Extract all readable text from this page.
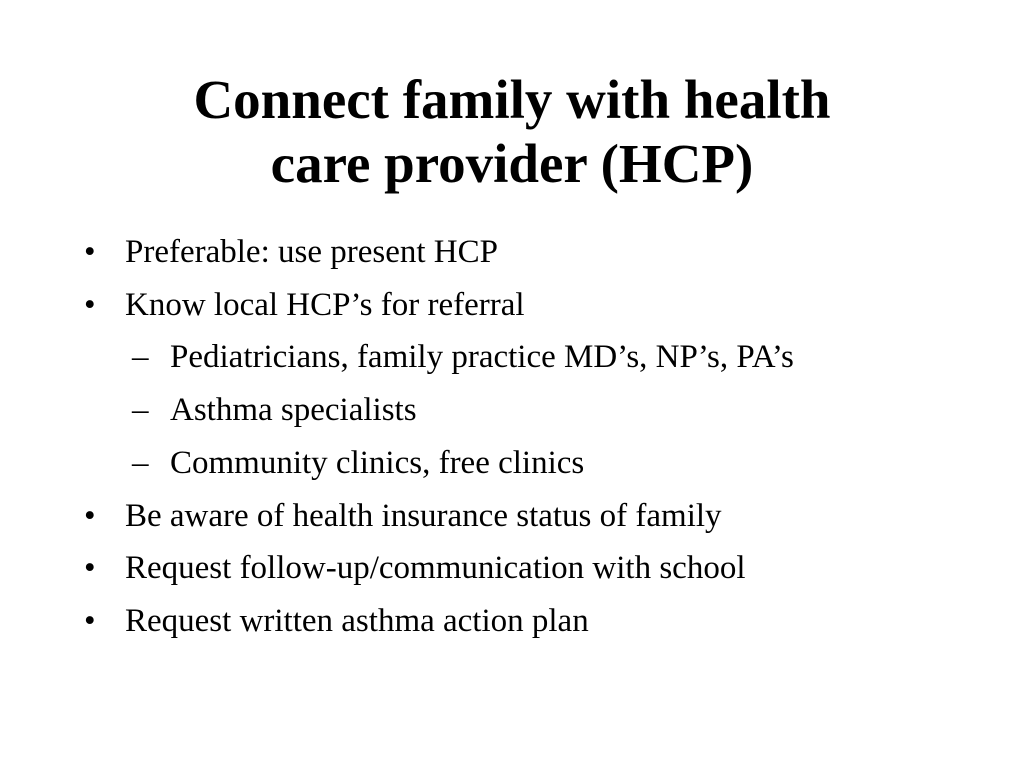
Connect family with health
care provider (HCP)
• Preferable: use present HCP
• Know local HCP’s for referral
– Pediatricians, family practice MD’s, NP’s, PA’s
– Asthma specialists
– Community clinics, free clinics
• Be aware of health insurance status of family
• Request follow-up/communication with school
• Request written asthma action plan
